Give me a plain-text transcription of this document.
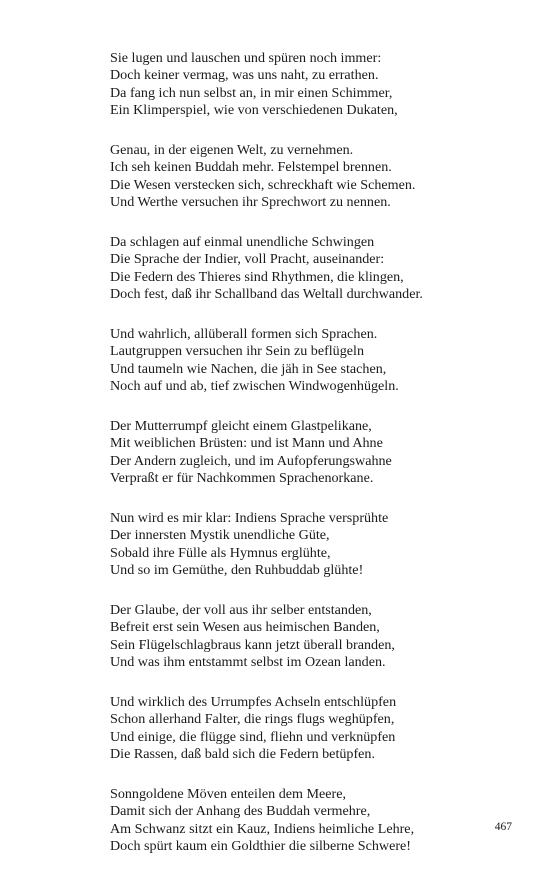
Sie lugen und lauschen und spüren noch immer:
Doch keiner vermag, was uns naht, zu errathen.
Da fang ich nun selbst an, in mir einen Schimmer,
Ein Klimperspiel, wie von verschiedenen Dukaten,
Genau, in der eigenen Welt, zu vernehmen.
Ich seh keinen Buddah mehr. Felstempel brennen.
Die Wesen verstecken sich, schreckhaft wie Schemen.
Und Werthe versuchen ihr Sprechwort zu nennen.
Da schlagen auf einmal unendliche Schwingen
Die Sprache der Indier, voll Pracht, auseinander:
Die Federn des Thieres sind Rhythmen, die klingen,
Doch fest, daß ihr Schallband das Weltall durchwander.
Und wahrlich, allüberall formen sich Sprachen.
Lautgruppen versuchen ihr Sein zu beflügeln
Und taumeln wie Nachen, die jäh in See stachen,
Noch auf und ab, tief zwischen Windwogenhügeln.
Der Mutterrumpf gleicht einem Glastpelikane,
Mit weiblichen Brüsten: und ist Mann und Ahne
Der Andern zugleich, und im Aufopferungswahne
Verpraßt er für Nachkommen Sprachenorkane.
Nun wird es mir klar: Indiens Sprache versprühte
Der innersten Mystik unendliche Güte,
Sobald ihre Fülle als Hymnus erglühte,
Und so im Gemüthe, den Ruhbuddab glühte!
Der Glaube, der voll aus ihr selber entstanden,
Befreit erst sein Wesen aus heimischen Banden,
Sein Flügelschlagbraus kann jetzt überall branden,
Und was ihm entstammt selbst im Ozean landen.
Und wirklich des Urrumpfes Achseln entschlüpfen
Schon allerhand Falter, die rings flugs weghüpfen,
Und einige, die flügge sind, fliehn und verknüpfen
Die Rassen, daß bald sich die Federn betüpfen.
Sonngoldene Möven enteilen dem Meere,
Damit sich der Anhang des Buddah vermehre,
Am Schwanz sitzt ein Kauz, Indiens heimliche Lehre,
Doch spürt kaum ein Goldthier die silberne Schwere!
467
